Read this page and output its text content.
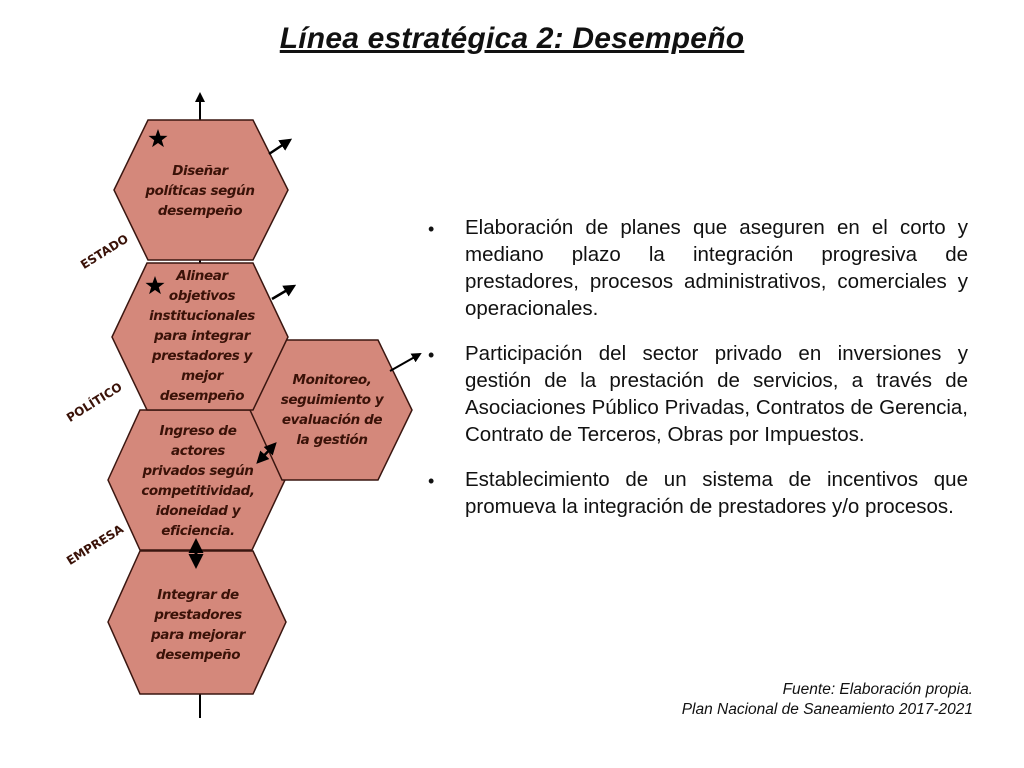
Línea estratégica 2: Desempeño
Diseñar
políticas según
desempeño
Alinear
objetivos
institucionales
para integrar
prestadores y
mejor
desempeño
Monitoreo,
seguimiento y
evaluación de
la gestión
Ingreso de
actores
privados según
competitividad,
idoneidad y
eficiencia.
Integrar de
prestadores
para mejorar
desempeño
ESTADO
POLÍTICO
EMPRESA
• Elaboración de planes que aseguren en el corto y mediano plazo la integración progresiva de prestadores, procesos administrativos, comerciales y operacionales.
• Participación del sector privado en inversiones y gestión de la prestación de servicios, a través de Asociaciones Público Privadas, Contratos de Gerencia, Contrato de Terceros, Obras por Impuestos.
• Establecimiento de un sistema de incentivos que promueva la integración de prestadores y/o procesos.
Fuente: Elaboración propia.
Plan Nacional de Saneamiento 2017-2021
